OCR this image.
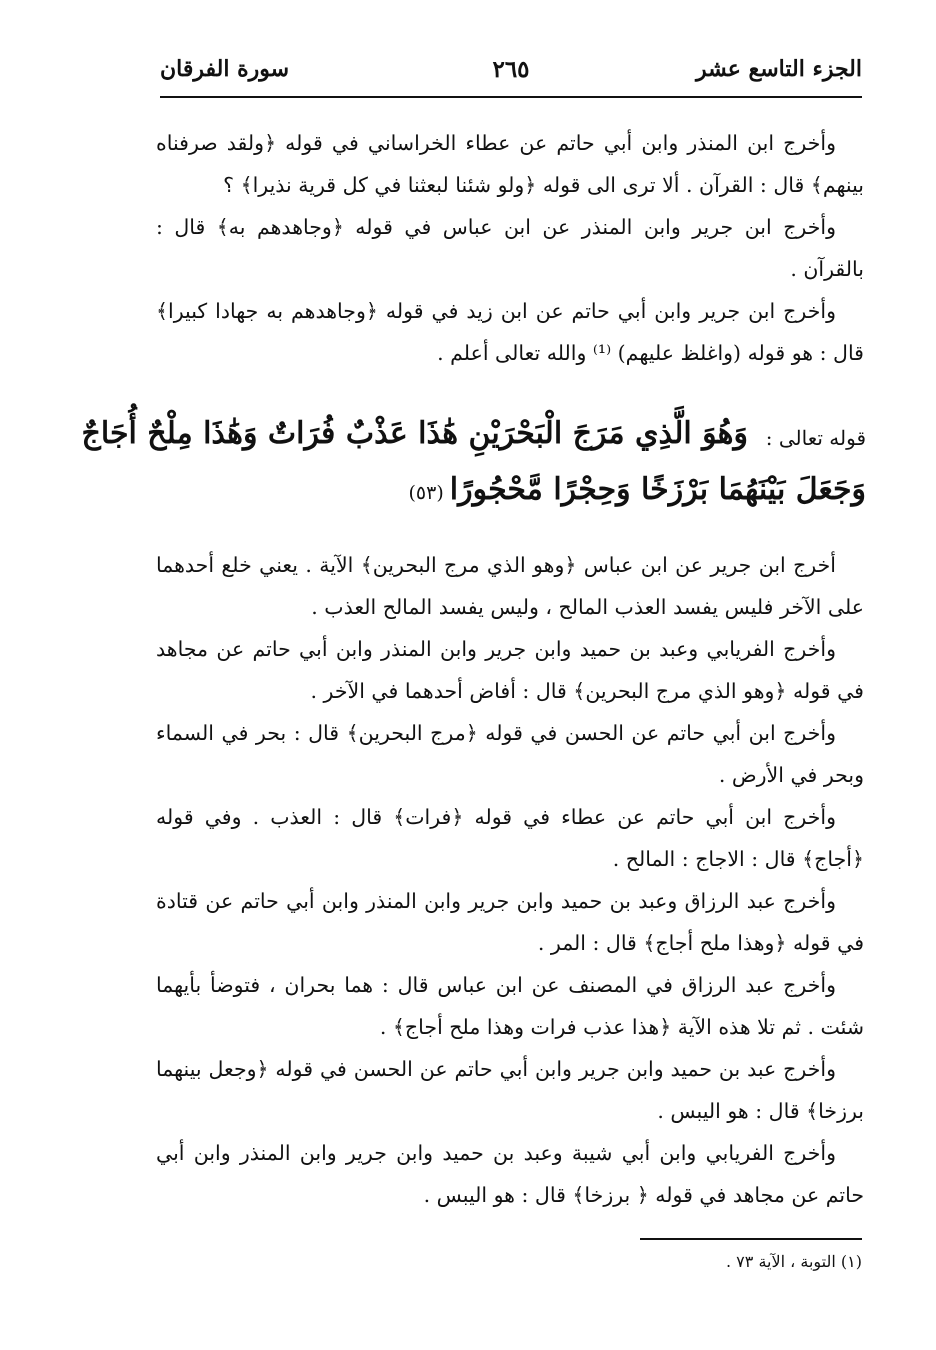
الجزء التاسع عشر
٢٦٥
سورة الفرقان

وأخرج ابن المنذر وابن أبي حاتم عن عطاء الخراساني في قوله ﴿ولقد صرفناه بينهم﴾ قال : القرآن . ألا ترى الى قوله ﴿ولو شئنا لبعثنا في كل قرية نذيرا﴾ ؟

وأخرج ابن جرير وابن المنذر عن ابن عباس في قوله ﴿وجاهدهم به﴾ قال : بالقرآن .

وأخرج ابن جرير وابن أبي حاتم عن ابن زيد في قوله ﴿وجاهدهم به جهادا كبيرا﴾ قال : هو قوله (واغلظ عليهم) ⁽¹⁾ والله تعالى أعلم .

قوله تعالى :
وَهُوَ الَّذِي مَرَجَ الْبَحْرَيْنِ هَٰذَا عَذْبٌ فُرَاتٌ وَهَٰذَا مِلْحٌ أُجَاجٌ
وَجَعَلَ بَيْنَهُمَا بَرْزَخًا وَحِجْرًا مَّحْجُورًا(٥٣)

أخرج ابن جرير عن ابن عباس ﴿وهو الذي مرج البحرين﴾ الآية . يعني خلع أحدهما على الآخر فليس يفسد العذب المالح ، وليس يفسد المالح العذب .

وأخرج الفريابي وعبد بن حميد وابن جرير وابن المنذر وابن أبي حاتم عن مجاهد في قوله ﴿وهو الذي مرج البحرين﴾ قال : أفاض أحدهما في الآخر .

وأخرج ابن أبي حاتم عن الحسن في قوله ﴿مرج البحرين﴾ قال : بحر في السماء وبحر في الأرض .

وأخرج ابن أبي حاتم عن عطاء في قوله ﴿فرات﴾ قال : العذب . وفي قوله ﴿أجاج﴾ قال : الاجاج : المالح .

وأخرج عبد الرزاق وعبد بن حميد وابن جرير وابن المنذر وابن أبي حاتم عن قتادة في قوله ﴿وهذا ملح أجاج﴾ قال : المر .

وأخرج عبد الرزاق في المصنف عن ابن عباس قال : هما بحران ، فتوضأ بأيهما شئت . ثم تلا هذه الآية ﴿هذا عذب فرات وهذا ملح أجاج﴾ .

وأخرج عبد بن حميد وابن جرير وابن أبي حاتم عن الحسن في قوله ﴿وجعل بينهما برزخا﴾ قال : هو اليبس .

وأخرج الفريابي وابن أبي شيبة وعبد بن حميد وابن جرير وابن المنذر وابن أبي حاتم عن مجاهد في قوله ﴿ برزخا﴾ قال : هو اليبس .

(١) التوبة ، الآية ٧٣ .
